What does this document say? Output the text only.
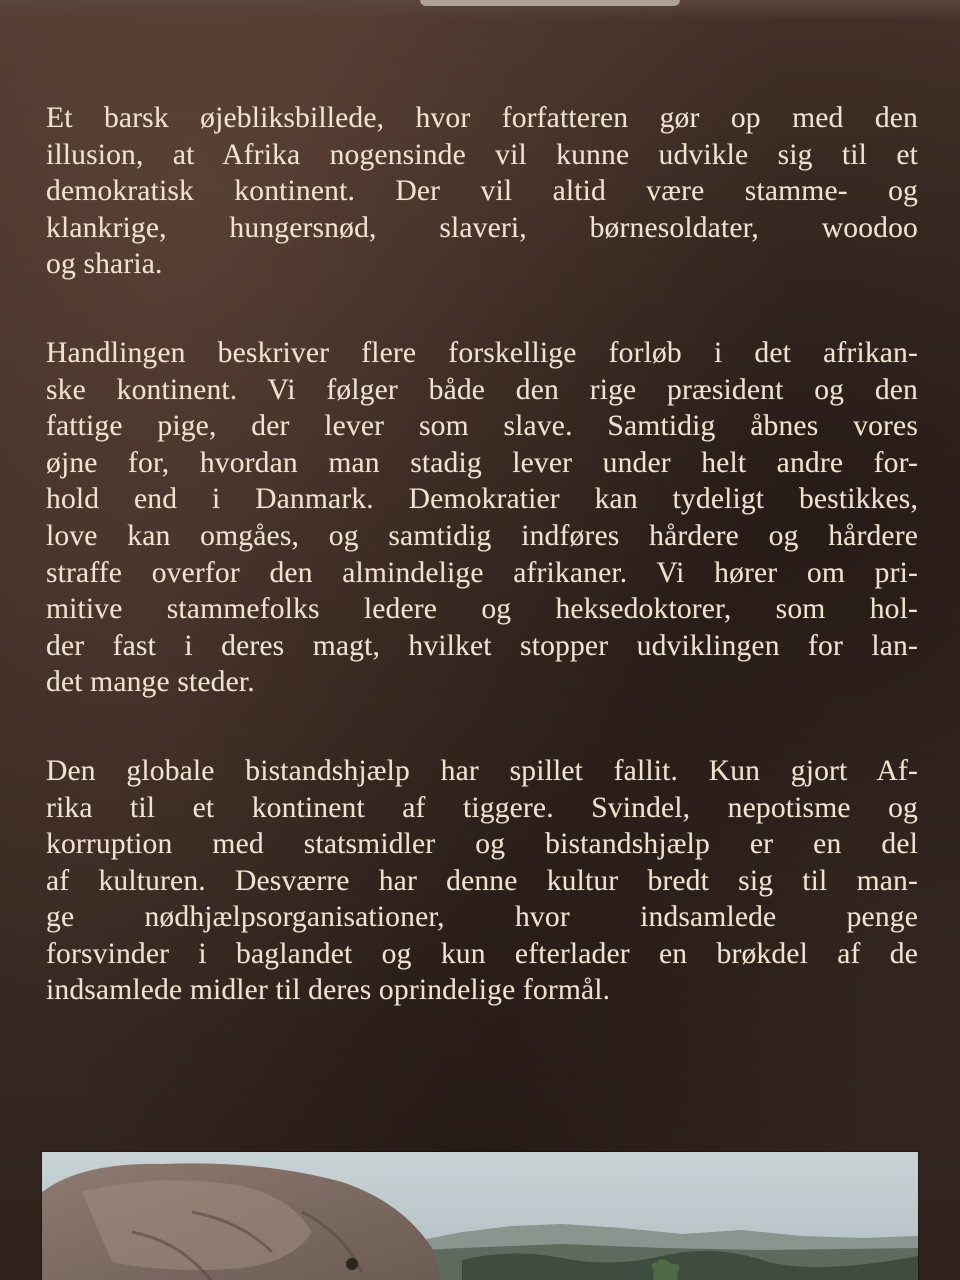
Et barsk øjebliksbillede, hvor forfatteren gør op med den
illusion, at Afrika nogensinde vil kunne udvikle sig til et
demokratisk kontinent. Der vil altid være stamme- og
klankrige, hungersnød, slaveri, børnesoldater, woodoo
og sharia.

Handlingen beskriver flere forskellige forløb i det afrikan-
ske kontinent. Vi følger både den rige præsident og den
fattige pige, der lever som slave. Samtidig åbnes vores
øjne for, hvordan man stadig lever under helt andre for-
hold end i Danmark. Demokratier kan tydeligt bestikkes,
love kan omgåes, og samtidig indføres hårdere og hårdere
straffe overfor den almindelige afrikaner. Vi hører om pri-
mitive stammefolks ledere og heksedoktorer, som hol-
der fast i deres magt, hvilket stopper udviklingen for lan-
det mange steder.

Den globale bistandshjælp har spillet fallit. Kun gjort Af-
rika til et kontinent af tiggere. Svindel, nepotisme og
korruption med statsmidler og bistandshjælp er en del
af kulturen. Desværre har denne kultur bredt sig til man-
ge nødhjælpsorganisationer, hvor indsamlede penge
forsvinder i baglandet og kun efterlader en brøkdel af de
indsamlede midler til deres oprindelige formål.
